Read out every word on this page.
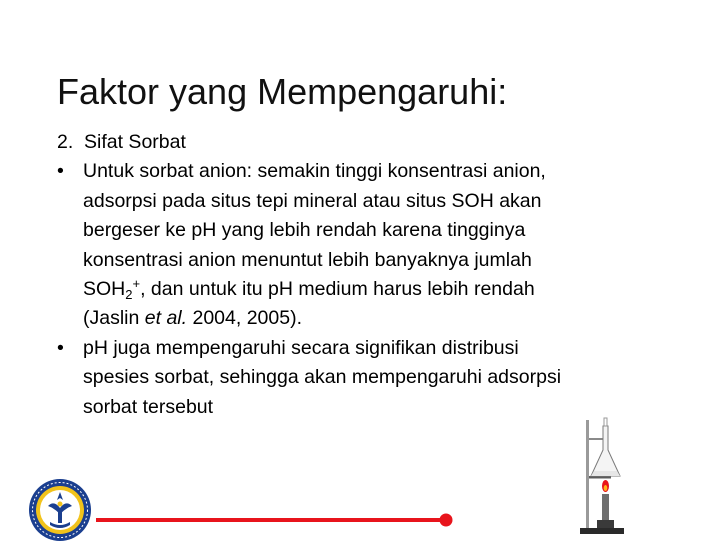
Faktor yang Mempengaruhi:
2. Sifat Sorbat
• Untuk sorbat anion: semakin tinggi konsentrasi anion,
adsorpsi pada situs tepi mineral atau situs SOH akan
bergeser ke pH yang lebih rendah karena tingginya
konsentrasi anion menuntut lebih banyaknya jumlah
$SOH_2^+$, dan untuk itu pH medium harus lebih rendah
(Jaslin et al. 2004, 2005).
• pH juga mempengaruhi secara signifikan distribusi
spesies sorbat, sehingga akan mempengaruhi adsorpsi
sorbat tersebut
